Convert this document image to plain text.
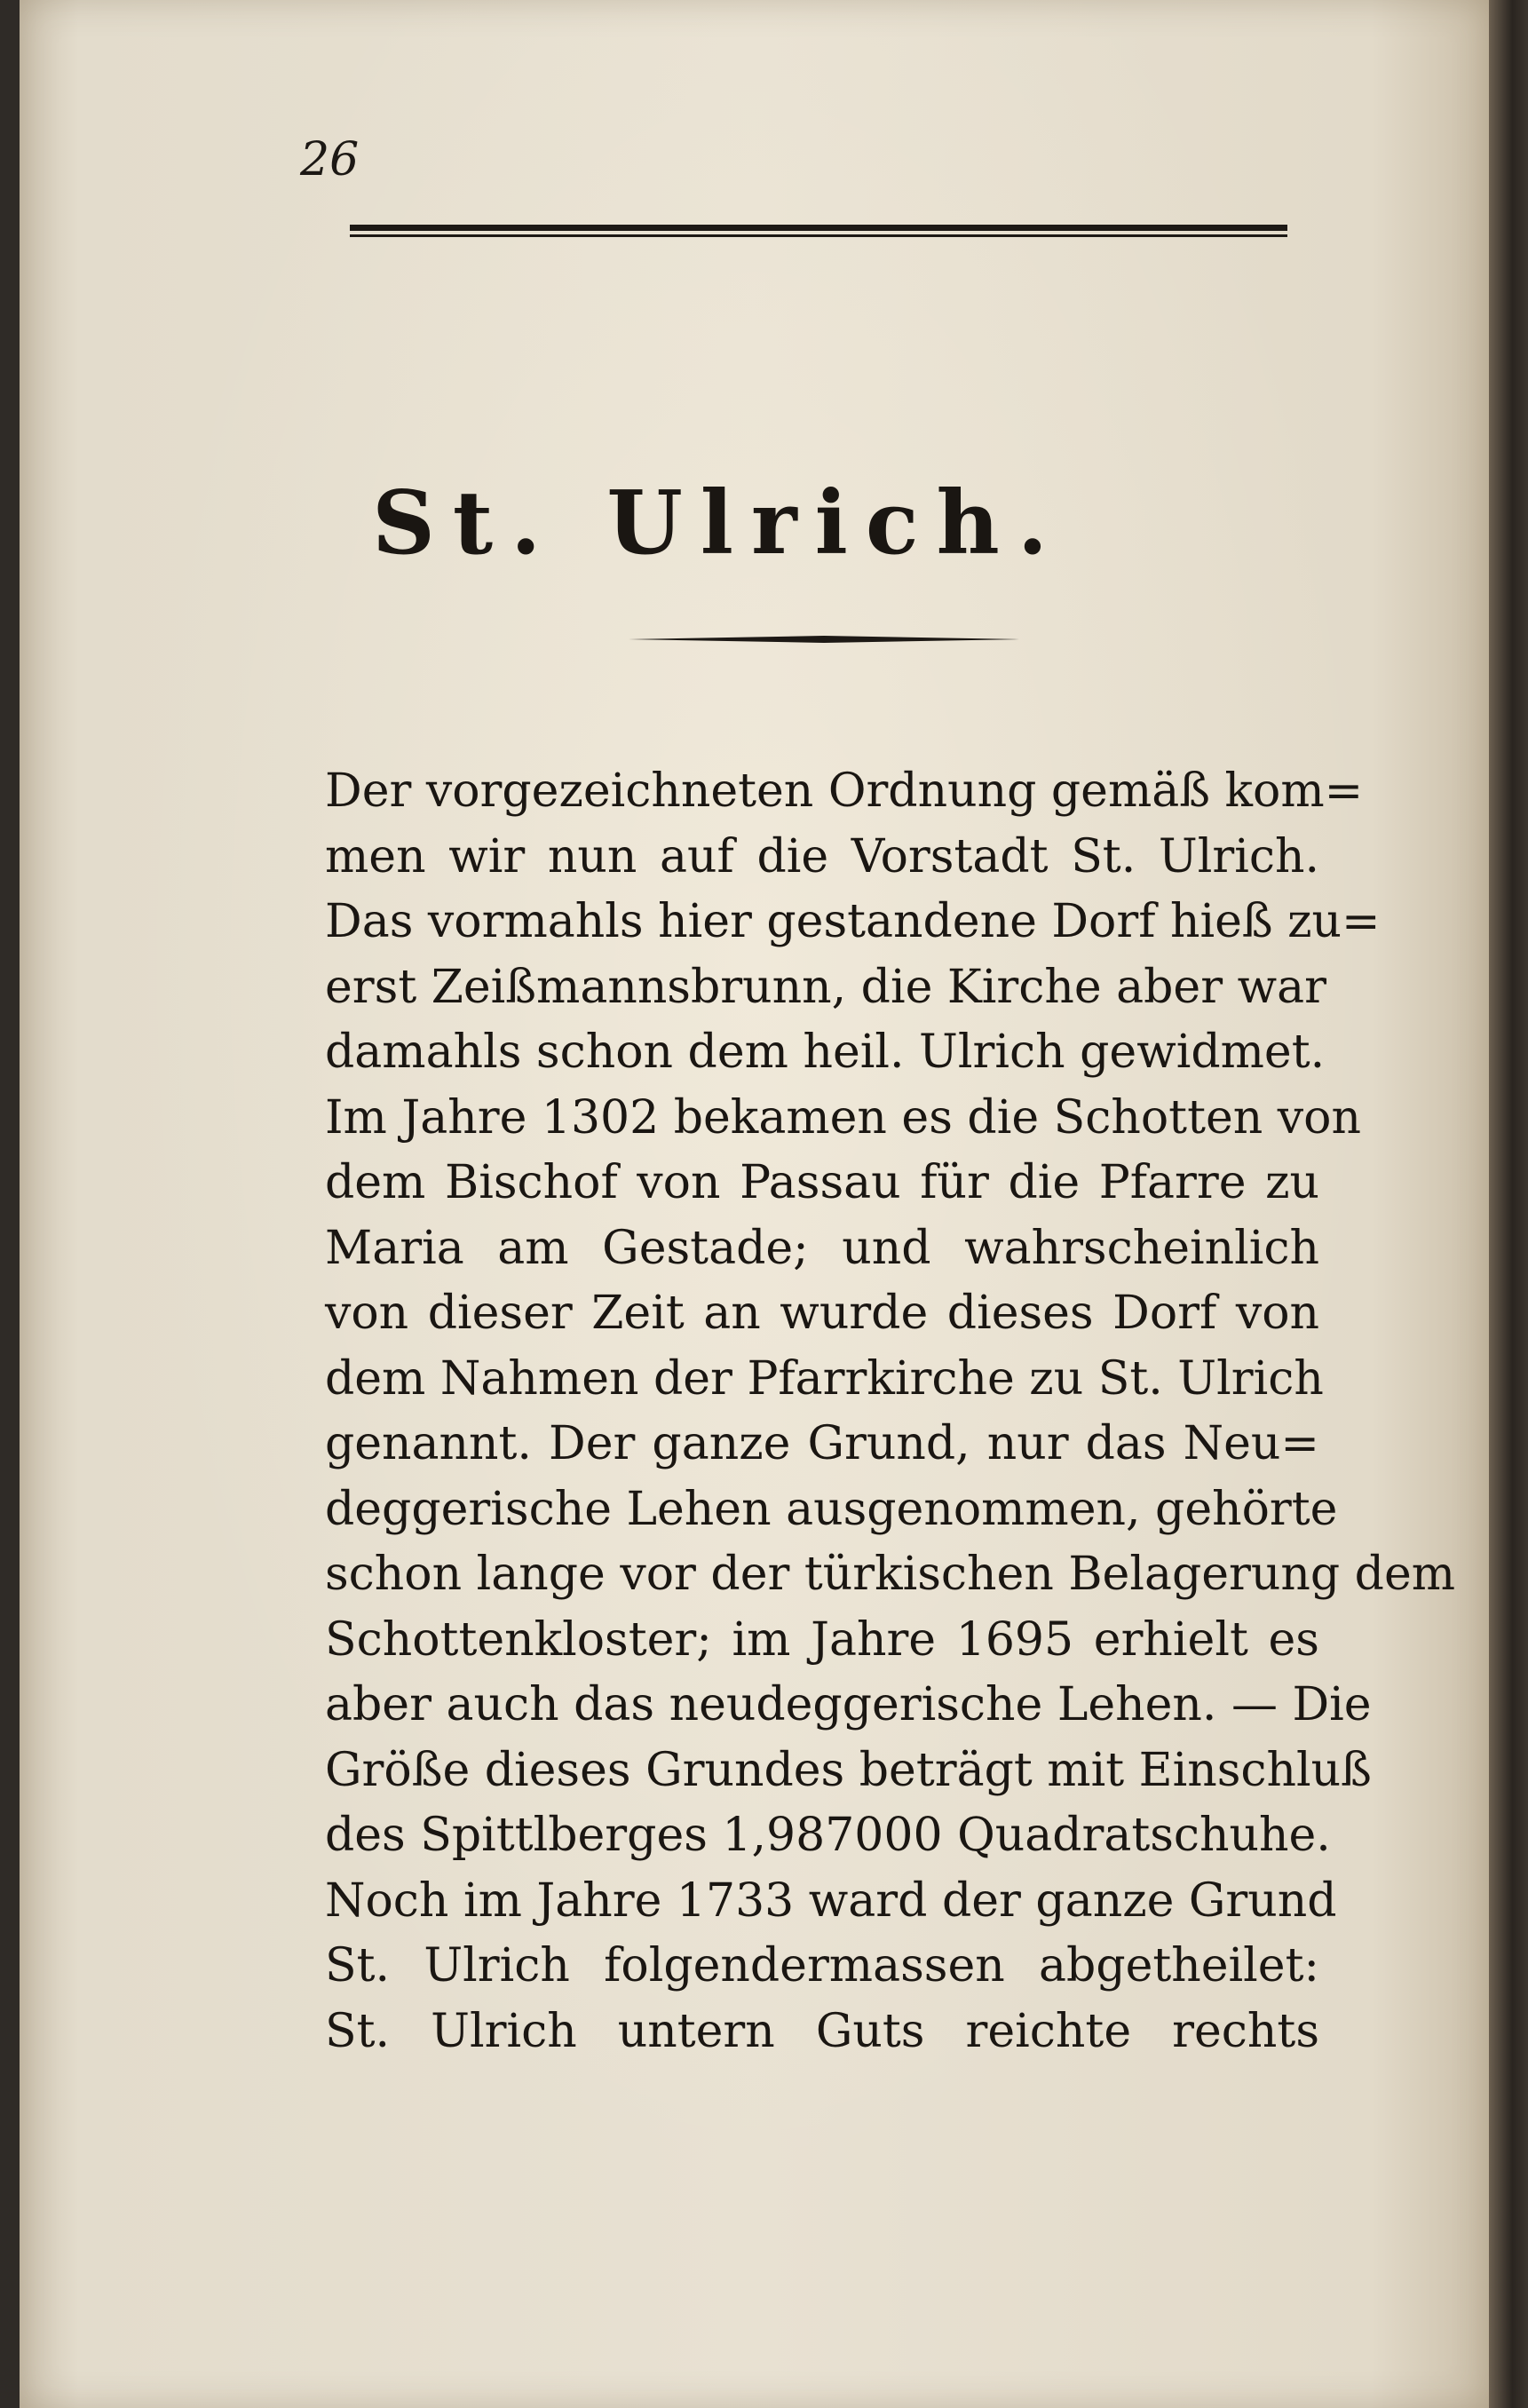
26
St. Ulrich.
Der vorgezeichneten Ordnung gemäß kom=
men wir nun auf die Vorstadt St. Ulrich.
Das vormahls hier gestandene Dorf hieß zu=
erst Zeißmannsbrunn, die Kirche aber war
damahls schon dem heil. Ulrich gewidmet.
Im Jahre 1302 bekamen es die Schotten von
dem Bischof von Passau für die Pfarre zu
Maria am Gestade; und wahrscheinlich
von dieser Zeit an wurde dieses Dorf von
dem Nahmen der Pfarrkirche zu St. Ulrich
genannt. Der ganze Grund, nur das Neu=
deggerische Lehen ausgenommen, gehörte
schon lange vor der türkischen Belagerung dem
Schottenkloster; im Jahre 1695 erhielt es
aber auch das neudeggerische Lehen. — Die
Größe dieses Grundes beträgt mit Einschluß
des Spittlberges 1,987000 Quadratschuhe.
Noch im Jahre 1733 ward der ganze Grund
St. Ulrich folgendermassen abgetheilet:
St. Ulrich untern Guts reichte rechts
